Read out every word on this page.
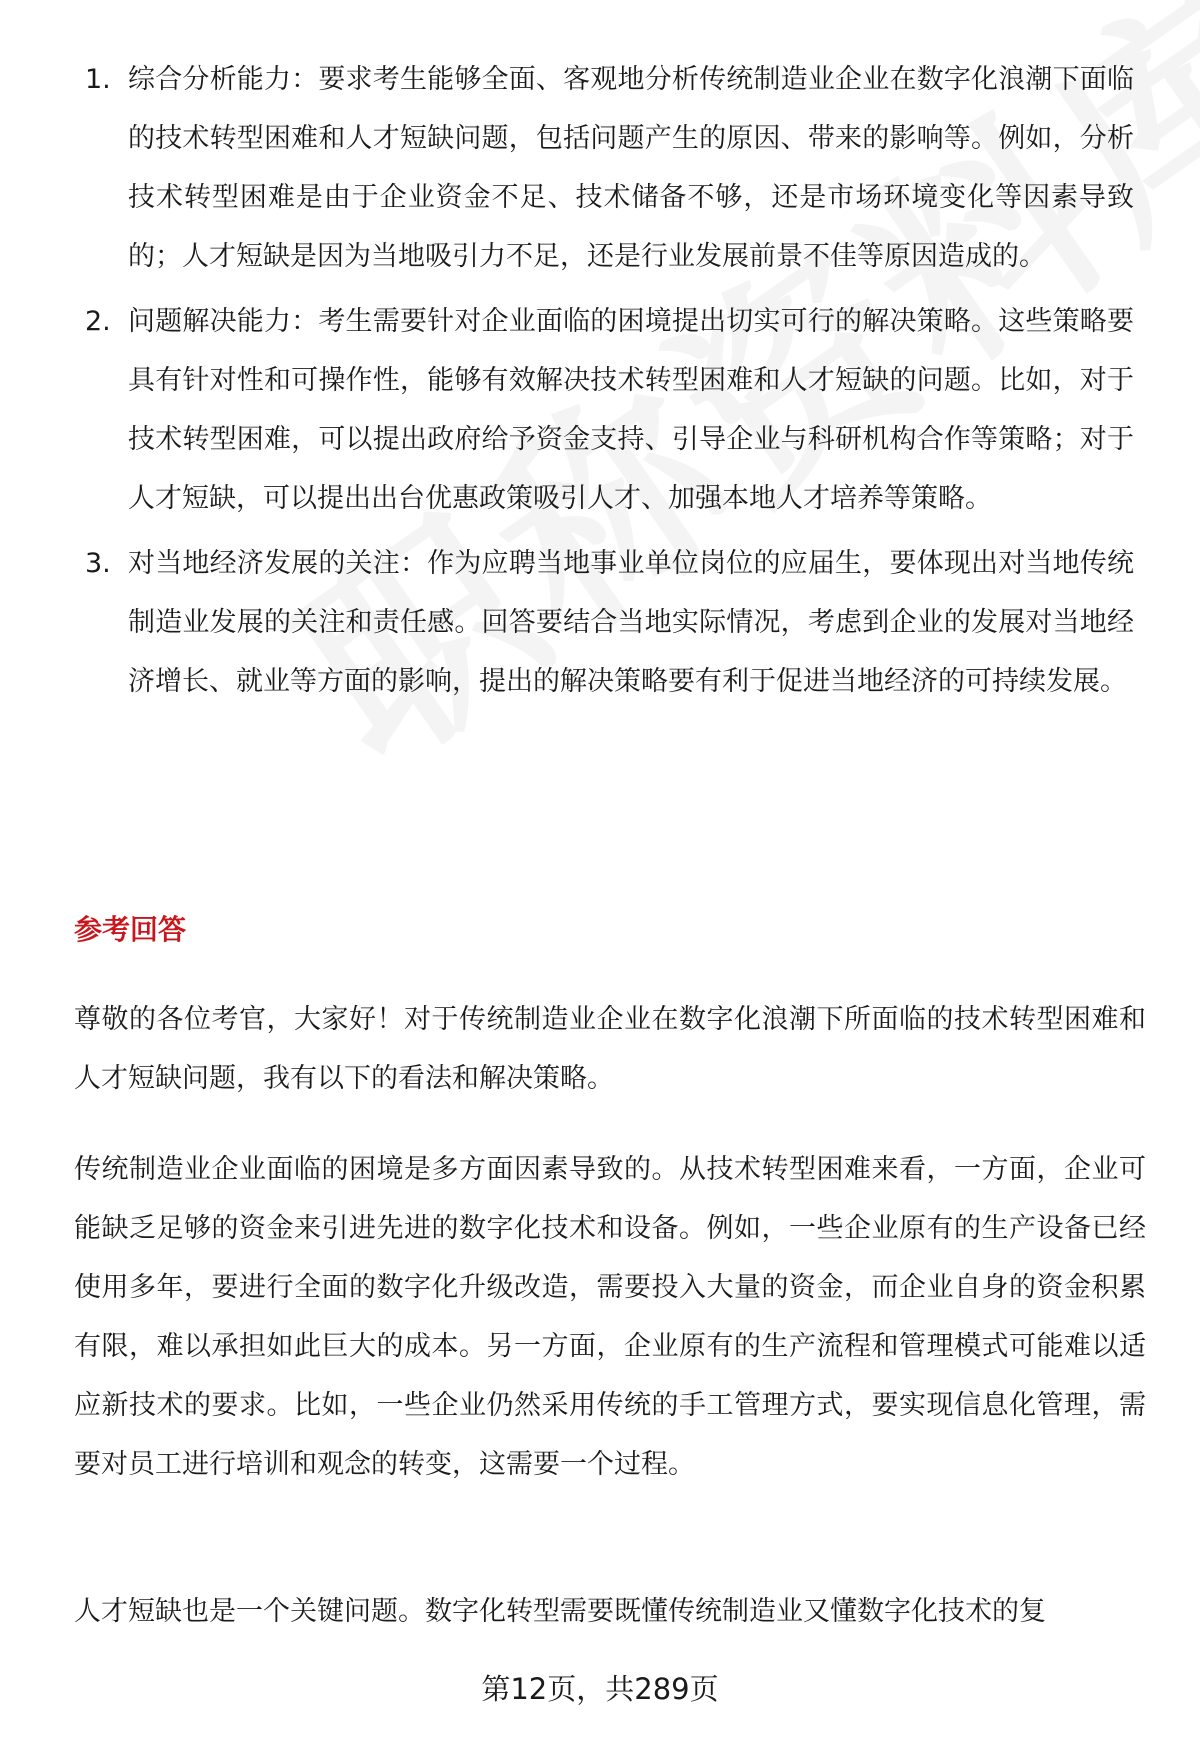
1. 综合分析能力：要求考生能够全面、客观地分析传统制造业企业在数字化浪潮下面临的技术转型困难和人才短缺问题，包括问题产生的原因、带来的影响等。例如，分析技术转型困难是由于企业资金不足、技术储备不够，还是市场环境变化等因素导致的；人才短缺是因为当地吸引力不足，还是行业发展前景不佳等原因造成的。
2. 问题解决能力：考生需要针对企业面临的困境提出切实可行的解决策略。这些策略要具有针对性和可操作性，能够有效解决技术转型困难和人才短缺的问题。比如，对于技术转型困难，可以提出政府给予资金支持、引导企业与科研机构合作等策略；对于人才短缺，可以提出出台优惠政策吸引人才、加强本地人才培养等策略。
3. 对当地经济发展的关注：作为应聘当地事业单位岗位的应届生，要体现出对当地传统制造业发展的关注和责任感。回答要结合当地实际情况，考虑到企业的发展对当地经济增长、就业等方面的影响，提出的解决策略要有利于促进当地经济的可持续发展。
参考回答

尊敬的各位考官，大家好！对于传统制造业企业在数字化浪潮下所面临的技术转型困难和人才短缺问题，我有以下的看法和解决策略。

传统制造业企业面临的困境是多方面因素导致的。从技术转型困难来看，一方面，企业可能缺乏足够的资金来引进先进的数字化技术和设备。例如，一些企业原有的生产设备已经使用多年，要进行全面的数字化升级改造，需要投入大量的资金，而企业自身的资金积累有限，难以承担如此巨大的成本。另一方面，企业原有的生产流程和管理模式可能难以适应新技术的要求。比如，一些企业仍然采用传统的手工管理方式，要实现信息化管理，需要对员工进行培训和观念的转变，这需要一个过程。

人才短缺也是一个关键问题。数字化转型需要既懂传统制造业又懂数字化技术的复

第12页，共289页
